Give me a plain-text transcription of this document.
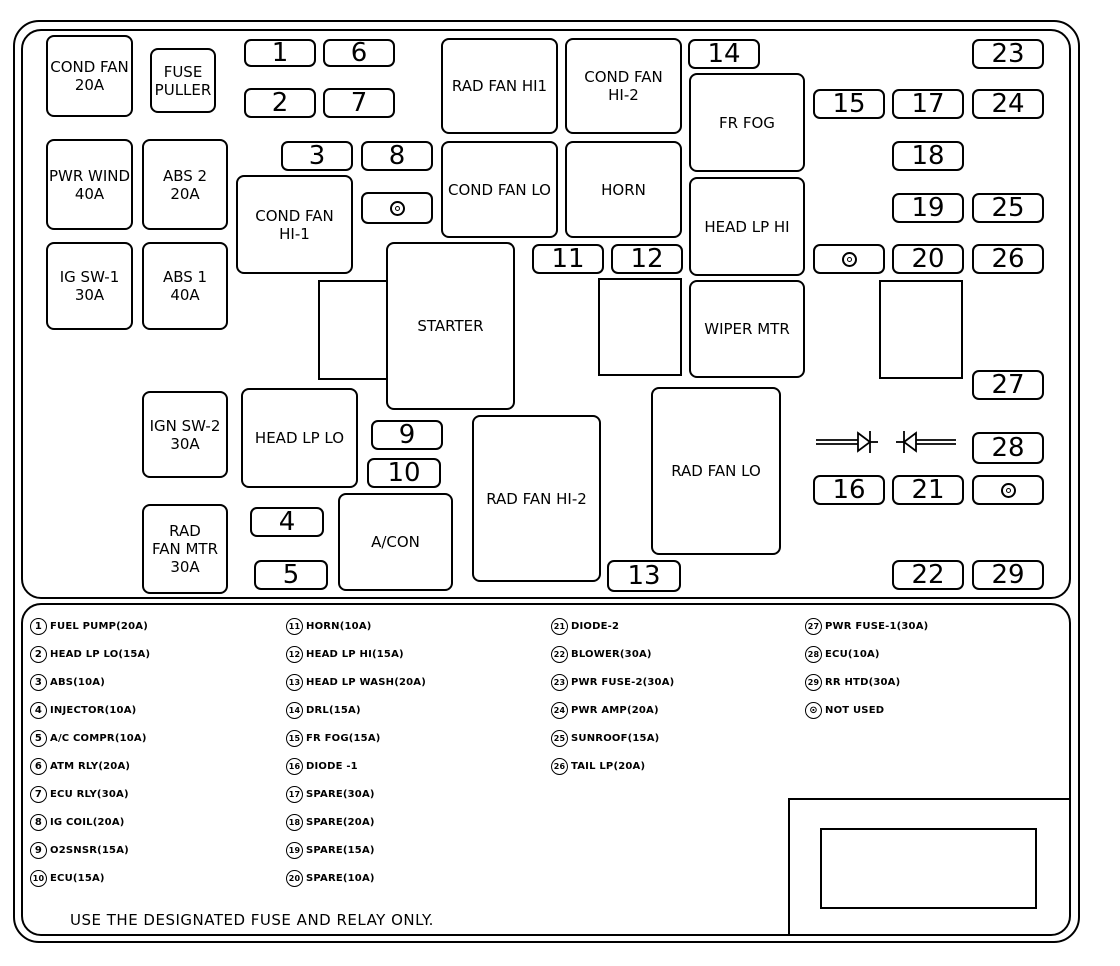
COND FAN
20A
FUSE
PULLER
1	6
2	7
RAD FAN HI1	COND FAN
HI-2
14	23
PWR WIND
40A
ABS 2
20A
3	8
FR FOG
15	17	24
COND FAN LO	HORN
18
COND FAN
HI-1	HEAD LP HI
19	25
IG SW-1
30A
ABS 1
40A
11	12	20	26
STARTER	WIPER MTR
27
IGN SW-2
30A	HEAD LP LO	9
10
RAD FAN HI-2
RAD FAN LO
28
16	21
RAD
FAN MTR
30A
4
A/CON
5	13	22	29
1 FUEL PUMP(20A)
2 HEAD LP LO(15A)
3 ABS(10A)
4 INJECTOR(10A)
5 A/C COMPR(10A)
6 ATM RLY(20A)
7 ECU RLY(30A)
8 IG COIL(20A)
9 O2SNSR(15A)
10 ECU(15A)
11 HORN(10A)
12 HEAD LP HI(15A)
13 HEAD LP WASH(20A)
14 DRL(15A)
15 FR FOG(15A)
16 DIODE -1
17 SPARE(30A)
18 SPARE(20A)
19 SPARE(15A)
20 SPARE(10A)
21 DIODE-2
22 BLOWER(30A)
23 PWR FUSE-2(30A)
24 PWR AMP(20A)
25 SUNROOF(15A)
26 TAIL LP(20A)
27 PWR FUSE-1(30A)
28 ECU(10A)
29 RR HTD(30A)
⊙ NOT USED
USE THE DESIGNATED FUSE AND RELAY ONLY.
